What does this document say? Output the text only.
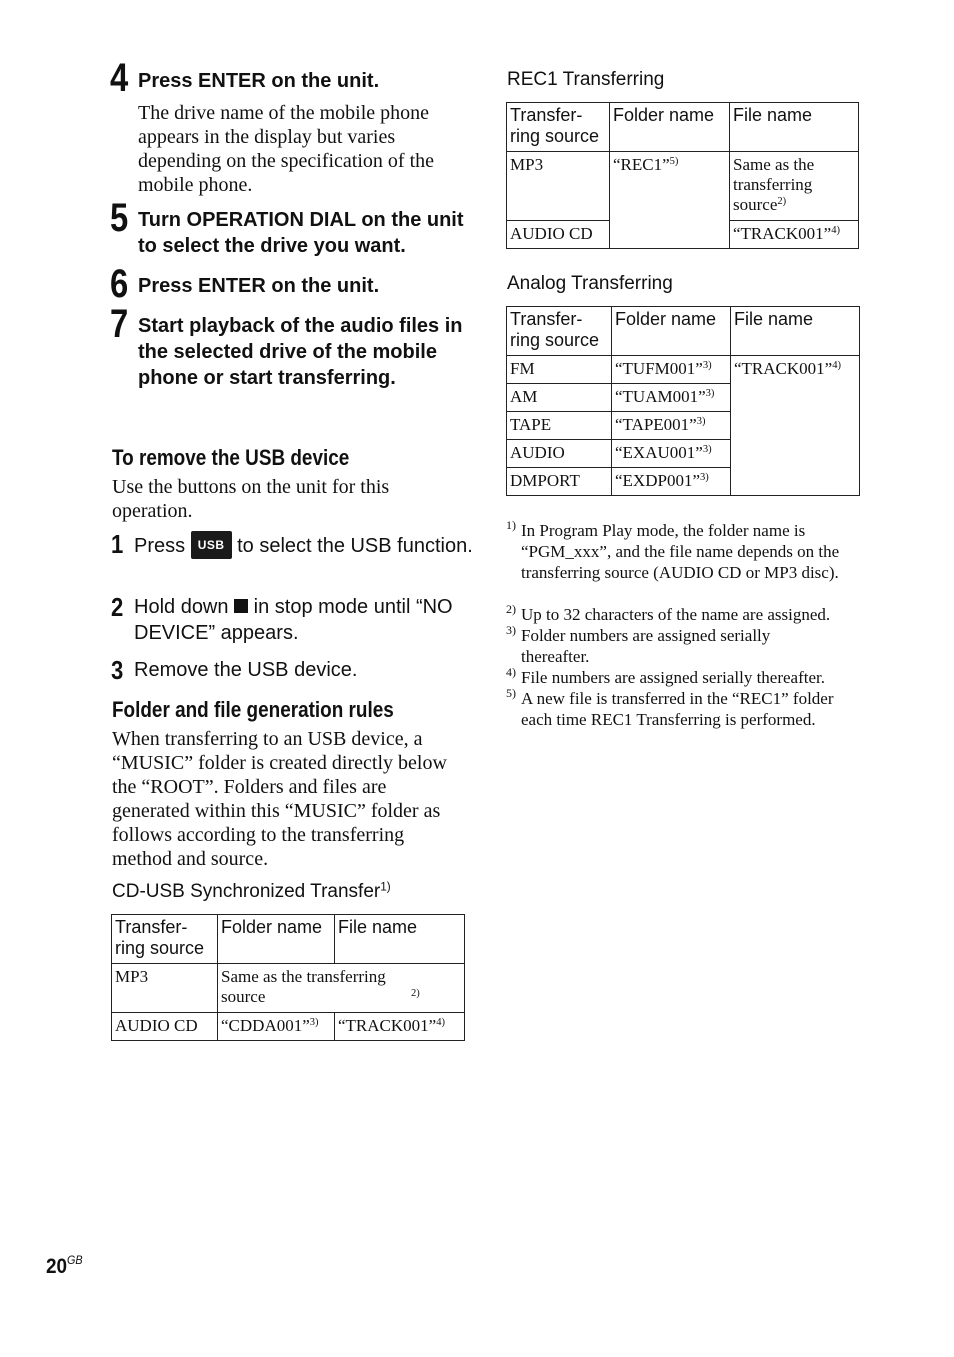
4 Press ENTER on the unit.
The drive name of the mobile phone appears in the display but varies depending on the specification of the mobile phone.
5 Turn OPERATION DIAL on the unit to select the drive you want.
6 Press ENTER on the unit.
7 Start playback of the audio files in the selected drive of the mobile phone or start transferring.
To remove the USB device
Use the buttons on the unit for this operation.
1 Press USB to select the USB function.
2 Hold down in stop mode until “NO DEVICE” appears.
3 Remove the USB device.
Folder and file generation rules
When transferring to an USB device, a “MUSIC” folder is created directly below the “ROOT”. Folders and files are generated within this “MUSIC” folder as follows according to the transferring method and source.
CD-USB Synchronized Transfer$^{1)}$
Transfer-ring source	Folder name	File name
MP3	Same as the transferring source $^{2)}$
AUDIO CD	“CDDA001”$^{3)}$	“TRACK001”$^{4)}$
REC1 Transferring
Transfer-ring source	Folder name	File name
MP3	“REC1”$^{5)}$	Same as the transferring source$^{2)}$
AUDIO CD		“TRACK001”$^{4)}$
Analog Transferring
Transfer-ring source	Folder name	File name
FM	“TUFM001”$^{3)}$	“TRACK001”$^{4)}$
AM	“TUAM001”$^{3)}$
TAPE	“TAPE001”$^{3)}$
AUDIO	“EXAU001”$^{3)}$
DMPORT	“EXDP001”$^{3)}$
1) In Program Play mode, the folder name is “PGM_xxx”, and the file name depends on the transferring source (AUDIO CD or MP3 disc).
2) Up to 32 characters of the name are assigned.
3) Folder numbers are assigned serially thereafter.
4) File numbers are assigned serially thereafter.
5) A new file is transferred in the “REC1” folder each time REC1 Transferring is performed.
$20^{GB}$
